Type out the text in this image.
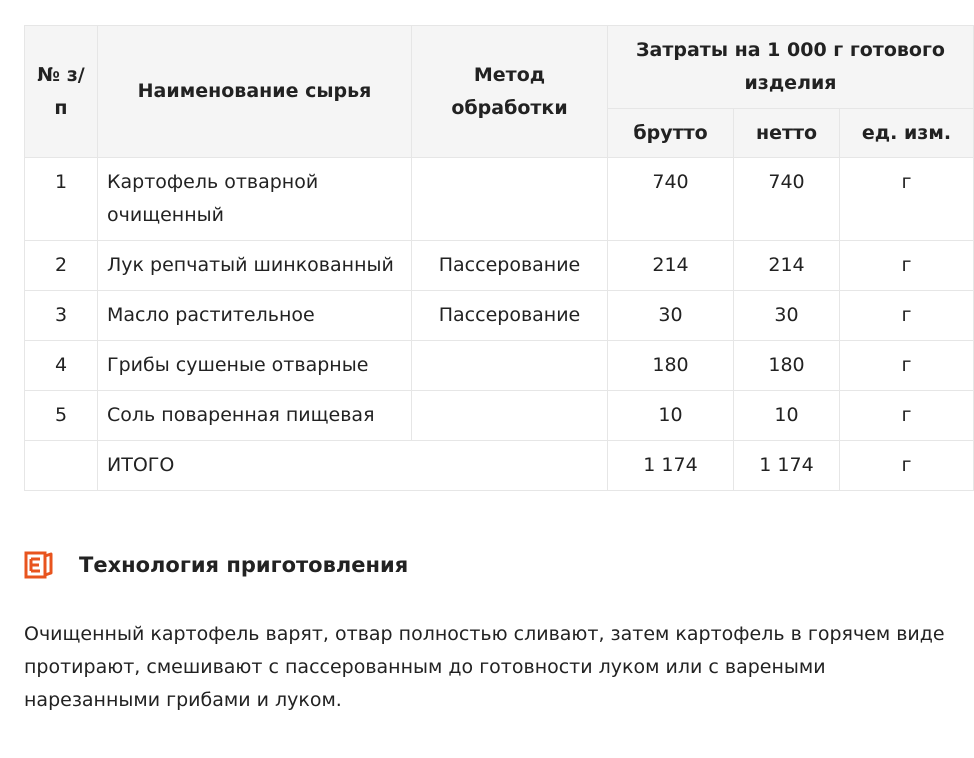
№ з/п	Наименование сырья	Метод обработки	Затраты на 1 000 г готового изделия		
			брутто	нетто	ед. изм.
1	Картофель отварной очищенный		740	740	г
2	Лук репчатый шинкованный	Пассерование	214	214	г
3	Масло растительное	Пассерование	30	30	г
4	Грибы сушеные отварные		180	180	г
5	Соль поваренная пищевая		10	10	г
	ИТОГО		1 174	1 174	г
Технология приготовления

Очищенный картофель варят, отвар полностью сливают, затем картофель в горячем виде протирают, смешивают с пассерованным до готовности луком или с вареными нарезанными грибами и луком.
